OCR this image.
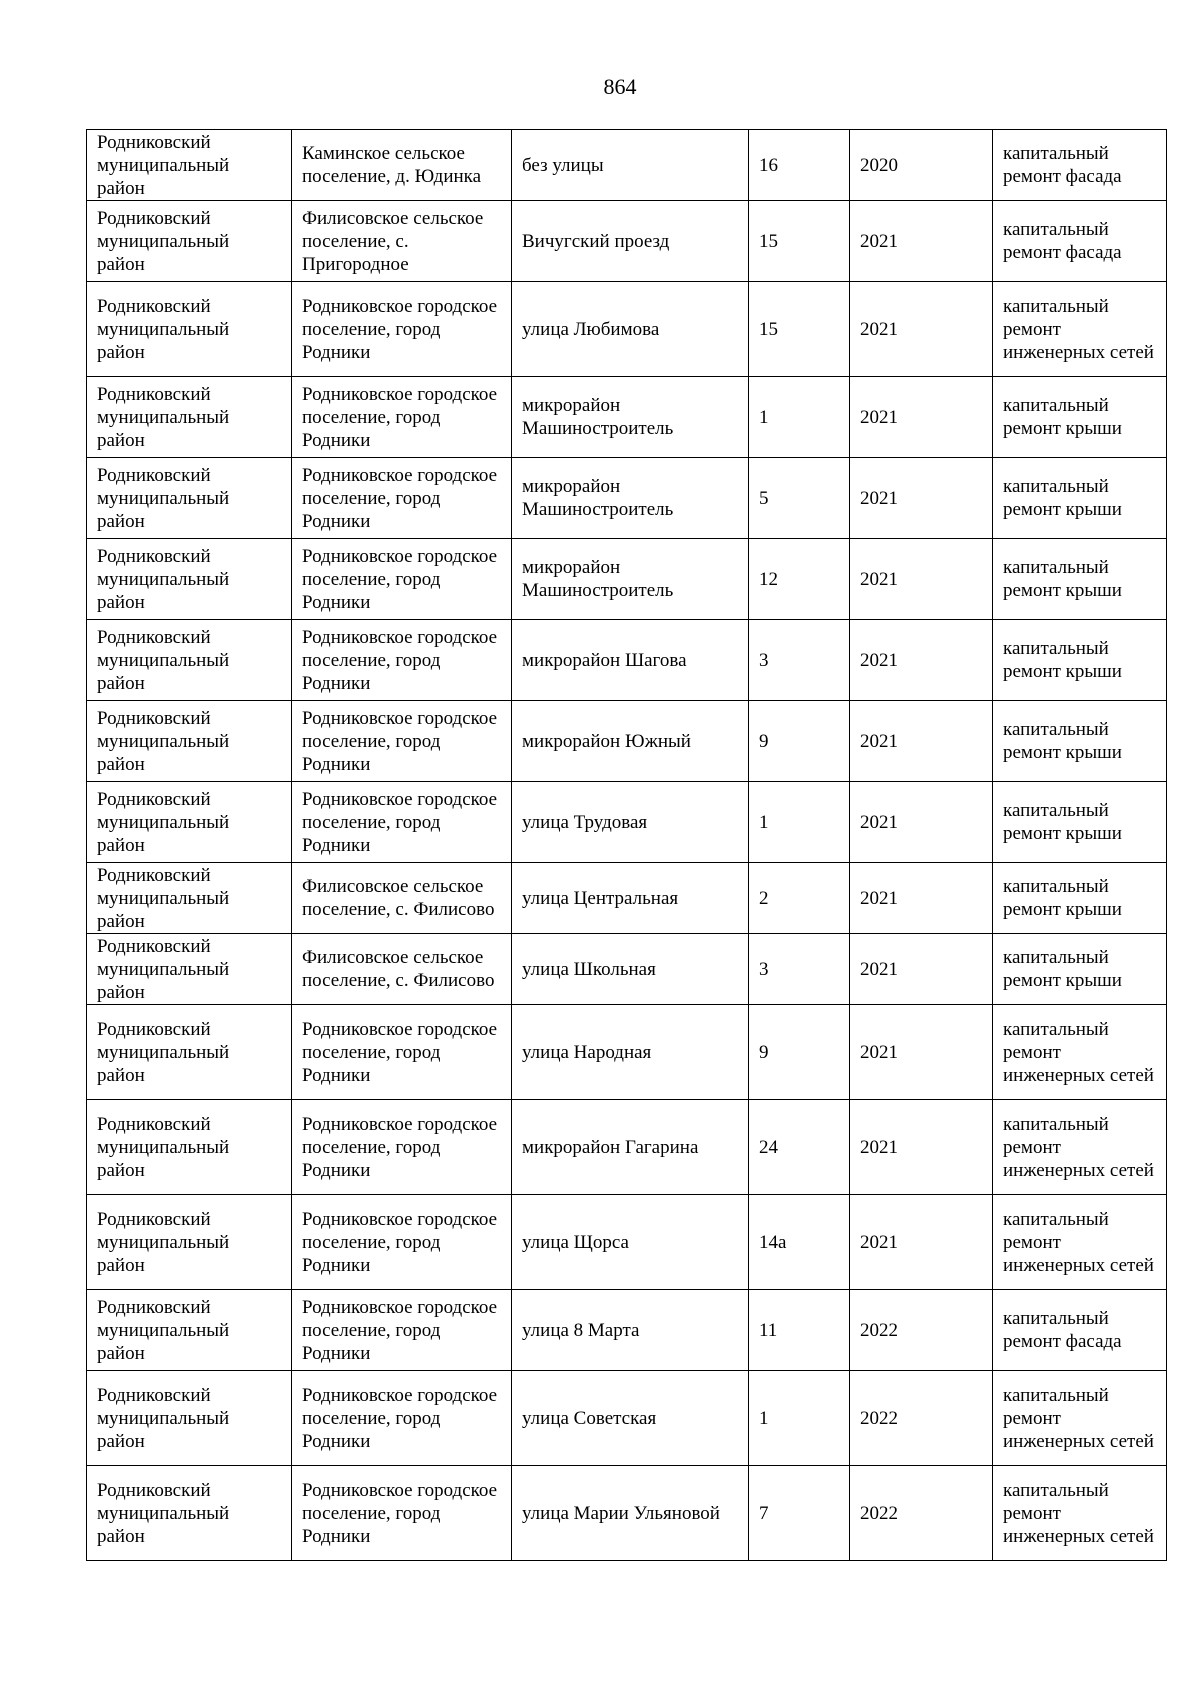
864
Родниковский муниципальный район	Каминское сельское поселение, д. Юдинка	без улицы	16	2020	капитальный ремонт фасада
Родниковский муниципальный район	Филисовское сельское поселение, с. Пригородное	Вичугский проезд	15	2021	капитальный ремонт фасада
Родниковский муниципальный район	Родниковское городское поселение, город Родники	улица Любимова	15	2021	капитальный ремонт инженерных сетей
Родниковский муниципальный район	Родниковское городское поселение, город Родники	микрорайон Машиностроитель	1	2021	капитальный ремонт крыши
Родниковский муниципальный район	Родниковское городское поселение, город Родники	микрорайон Машиностроитель	5	2021	капитальный ремонт крыши
Родниковский муниципальный район	Родниковское городское поселение, город Родники	микрорайон Машиностроитель	12	2021	капитальный ремонт крыши
Родниковский муниципальный район	Родниковское городское поселение, город Родники	микрорайон Шагова	3	2021	капитальный ремонт крыши
Родниковский муниципальный район	Родниковское городское поселение, город Родники	микрорайон Южный	9	2021	капитальный ремонт крыши
Родниковский муниципальный район	Родниковское городское поселение, город Родники	улица Трудовая	1	2021	капитальный ремонт крыши
Родниковский муниципальный район	Филисовское сельское поселение, с. Филисово	улица Центральная	2	2021	капитальный ремонт крыши
Родниковский муниципальный район	Филисовское сельское поселение, с. Филисово	улица Школьная	3	2021	капитальный ремонт крыши
Родниковский муниципальный район	Родниковское городское поселение, город Родники	улица Народная	9	2021	капитальный ремонт инженерных сетей
Родниковский муниципальный район	Родниковское городское поселение, город Родники	микрорайон Гагарина	24	2021	капитальный ремонт инженерных сетей
Родниковский муниципальный район	Родниковское городское поселение, город Родники	улица Щорса	14а	2021	капитальный ремонт инженерных сетей
Родниковский муниципальный район	Родниковское городское поселение, город Родники	улица 8 Марта	11	2022	капитальный ремонт фасада
Родниковский муниципальный район	Родниковское городское поселение, город Родники	улица Советская	1	2022	капитальный ремонт инженерных сетей
Родниковский муниципальный район	Родниковское городское поселение, город Родники	улица Марии Ульяновой	7	2022	капитальный ремонт инженерных сетей
